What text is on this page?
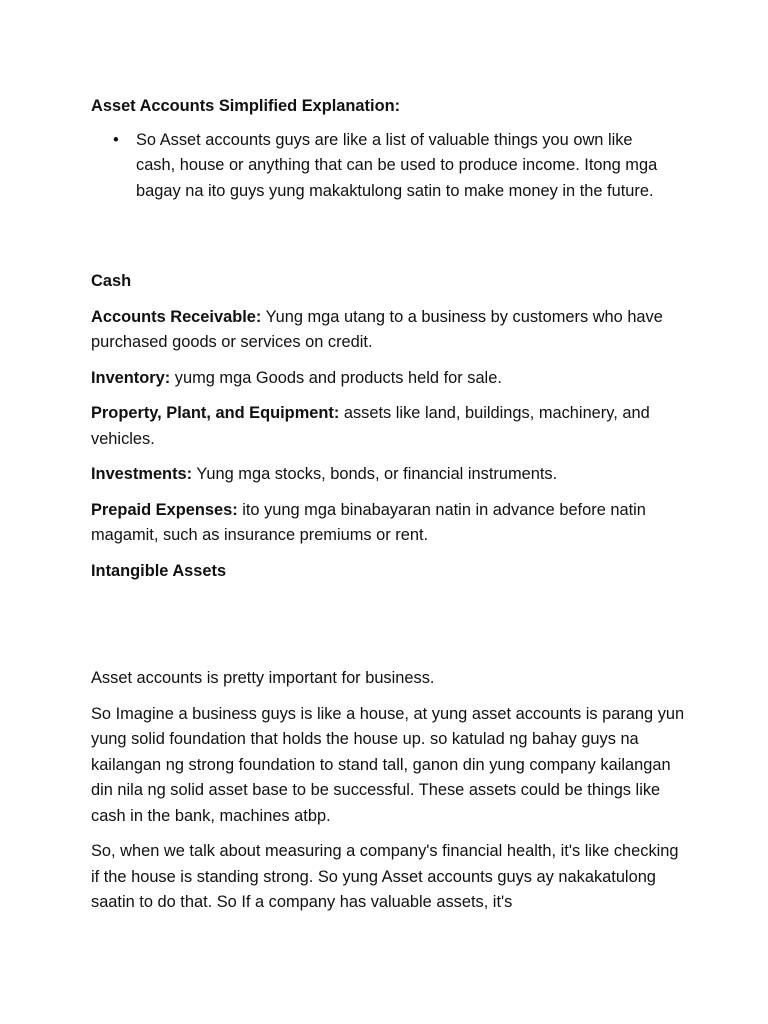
Asset Accounts Simplified Explanation:

• So Asset accounts guys are like a list of valuable things you own like cash, house or anything that can be used to produce income. Itong mga bagay na ito guys yung makaktulong satin to make money in the future.

Cash

Accounts Receivable: Yung mga utang to a business by customers who have purchased goods or services on credit.

Inventory: yumg mga Goods and products held for sale.

Property, Plant, and Equipment: assets like land, buildings, machinery, and vehicles.

Investments: Yung mga stocks, bonds, or financial instruments.

Prepaid Expenses: ito yung mga binabayaran natin in advance before natin magamit, such as insurance premiums or rent.

Intangible Assets

Asset accounts is pretty important for business.

So Imagine a business guys is like a house, at yung asset accounts is parang yun yung solid foundation that holds the house up. so katulad ng bahay guys na kailangan ng strong foundation to stand tall, ganon din yung company kailangan din nila ng solid asset base to be successful. These assets could be things like cash in the bank, machines atbp.

So, when we talk about measuring a company's financial health, it's like checking if the house is standing strong. So yung Asset accounts guys ay nakakatulong saatin to do that. So If a company has valuable assets, it's
